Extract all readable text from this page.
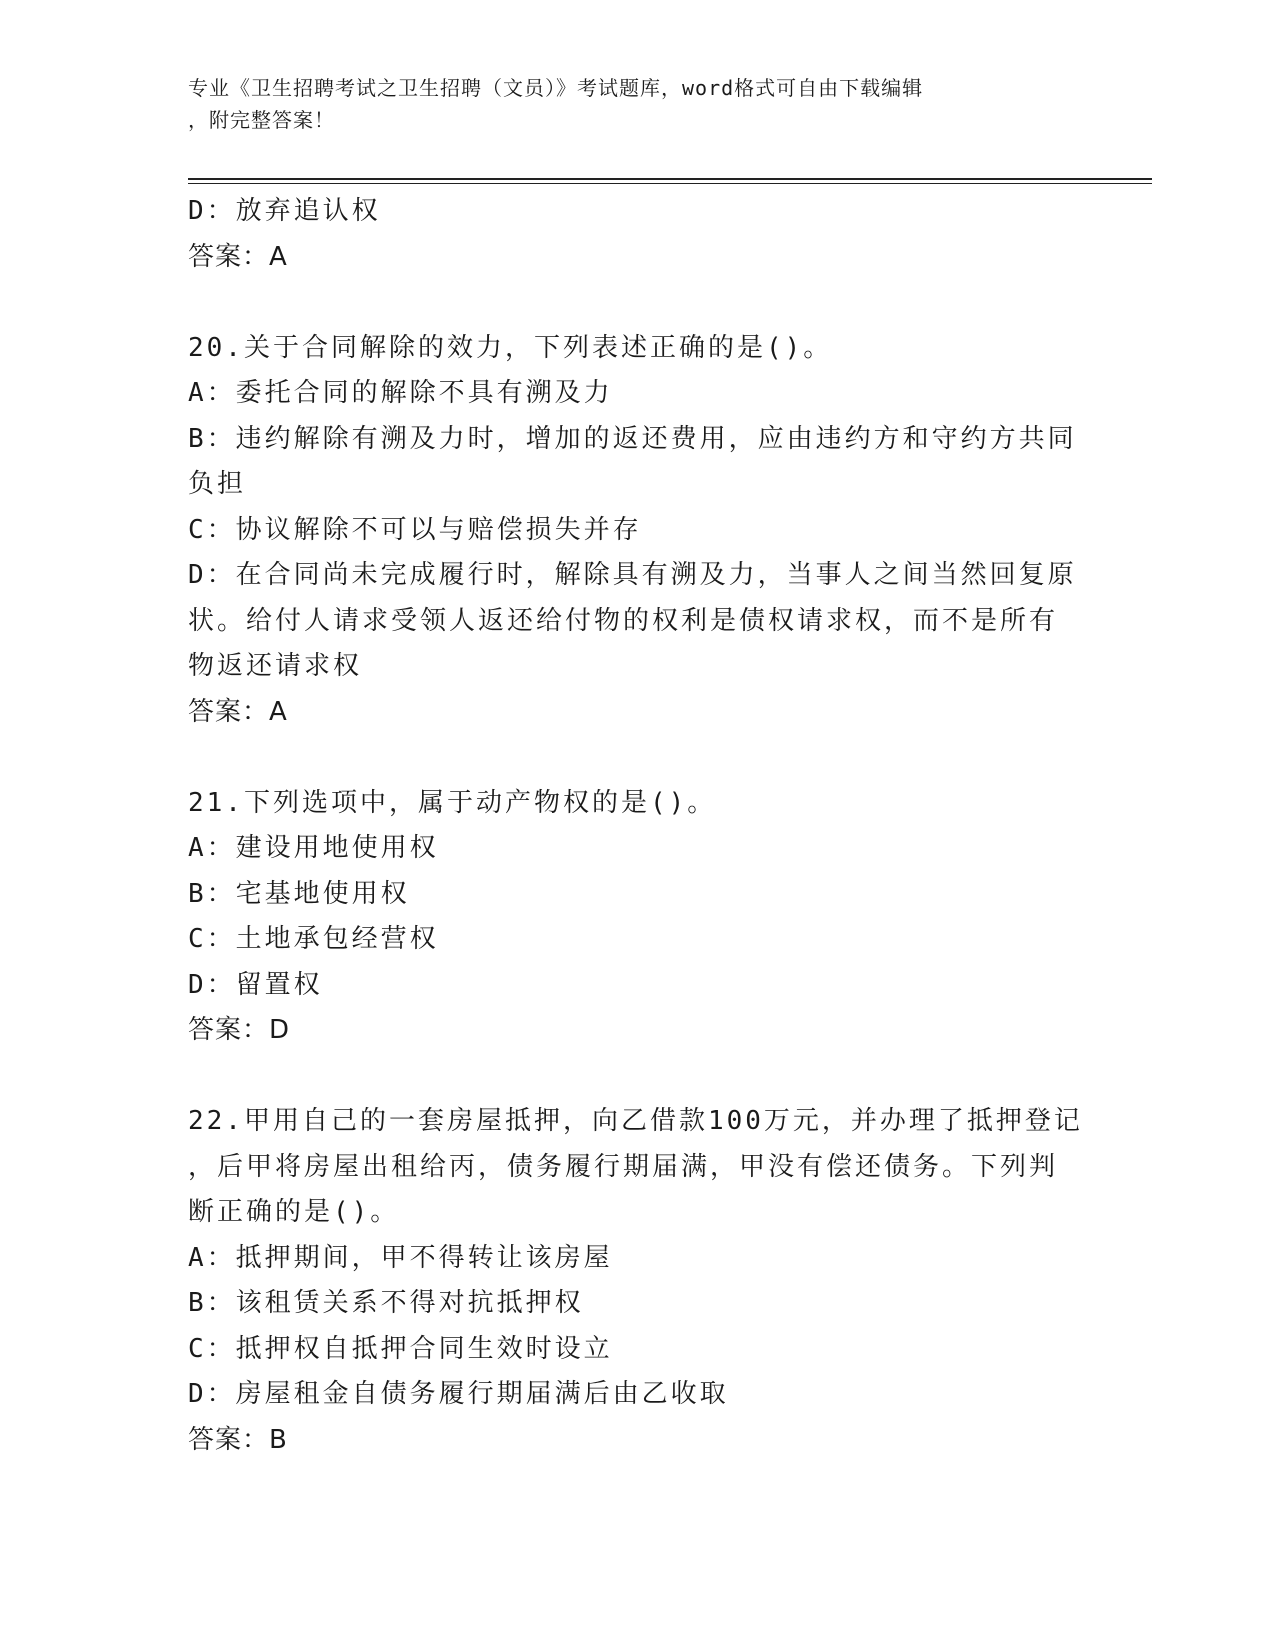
专业《卫生招聘考试之卫生招聘（文员）》考试题库，word格式可自由下载编辑
，附完整答案！
D：放弃追认权
答案：A
20.关于合同解除的效力，下列表述正确的是()。
A：委托合同的解除不具有溯及力
B：违约解除有溯及力时，增加的返还费用，应由违约方和守约方共同
负担
C：协议解除不可以与赔偿损失并存
D：在合同尚未完成履行时，解除具有溯及力，当事人之间当然回复原
状。给付人请求受领人返还给付物的权利是债权请求权，而不是所有
物返还请求权
答案：A
21.下列选项中，属于动产物权的是()。
A：建设用地使用权
B：宅基地使用权
C：土地承包经营权
D：留置权
答案：D
22.甲用自己的一套房屋抵押，向乙借款100万元，并办理了抵押登记
，后甲将房屋出租给丙，债务履行期届满，甲没有偿还债务。下列判
断正确的是()。
A：抵押期间，甲不得转让该房屋
B：该租赁关系不得对抗抵押权
C：抵押权自抵押合同生效时设立
D：房屋租金自债务履行期届满后由乙收取
答案：B
